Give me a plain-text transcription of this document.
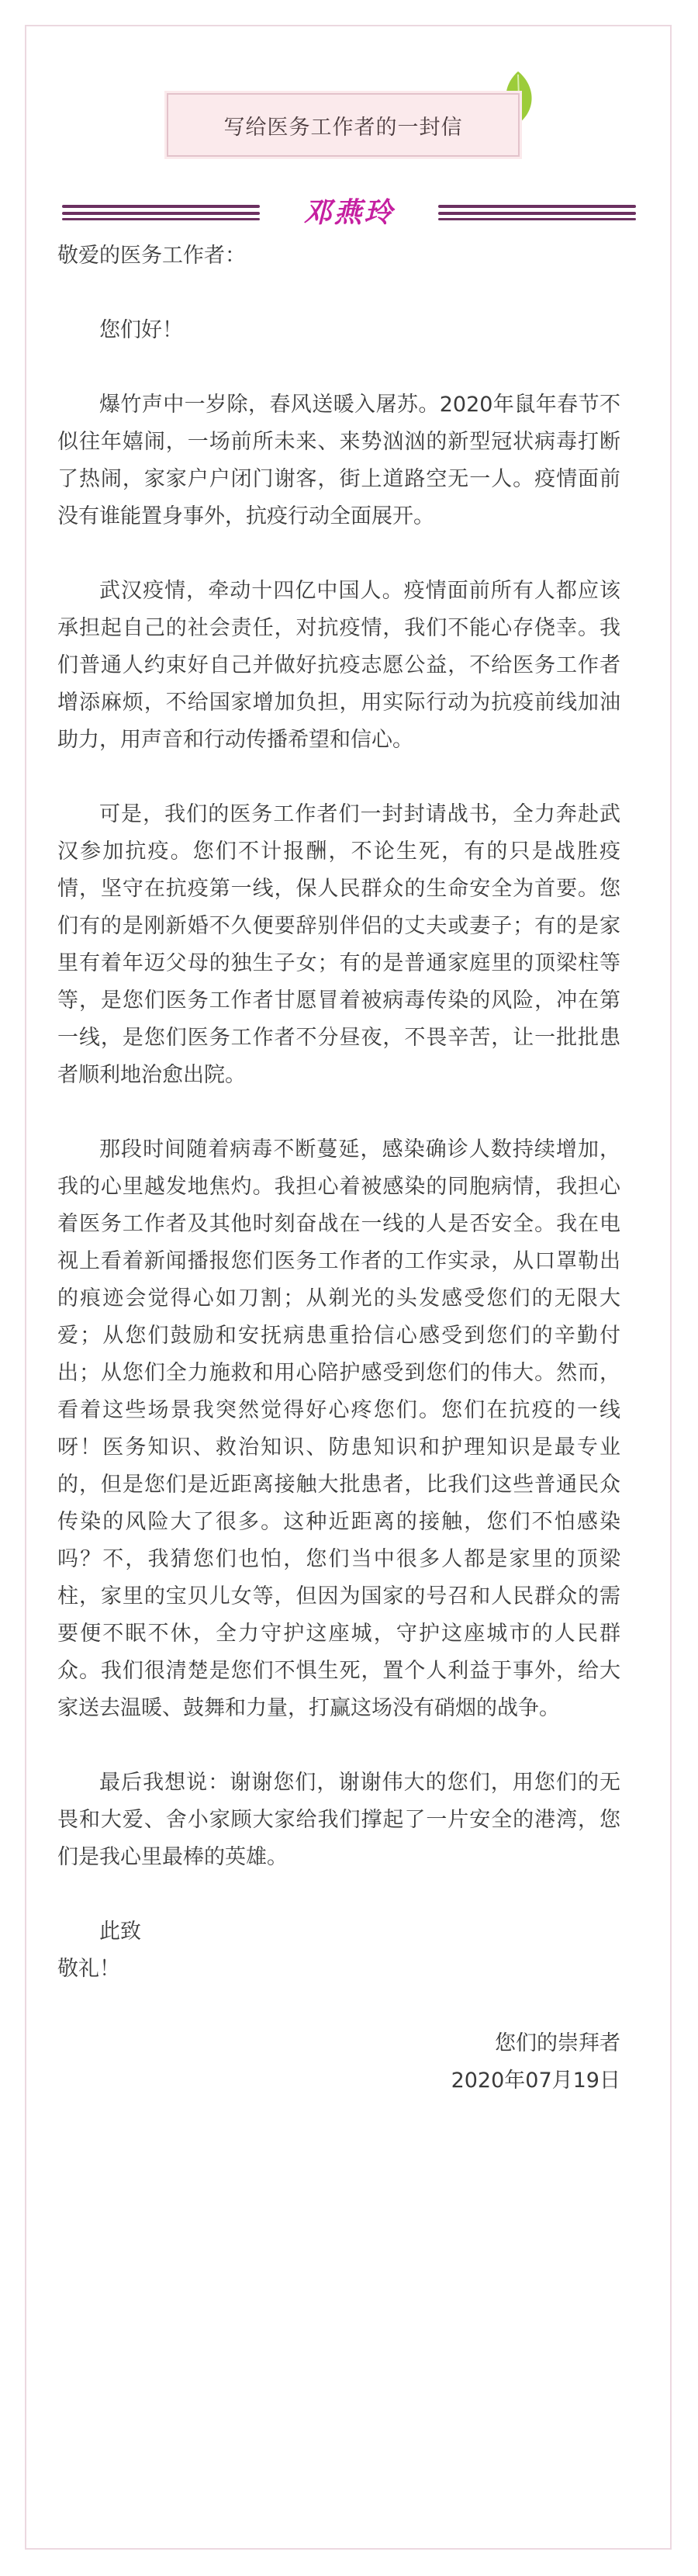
写给医务工作者的一封信
邓燕玲

敬爱的医务工作者：

您们好！

爆竹声中一岁除，春风送暖入屠苏。2020年鼠年春节不似往年嬉闹，一场前所未来、来势汹汹的新型冠状病毒打断了热闹，家家户户闭门谢客，街上道路空无一人。疫情面前没有谁能置身事外，抗疫行动全面展开。

武汉疫情，牵动十四亿中国人。疫情面前所有人都应该承担起自己的社会责任，对抗疫情，我们不能心存侥幸。我们普通人约束好自己并做好抗疫志愿公益，不给医务工作者增添麻烦，不给国家增加负担，用实际行动为抗疫前线加油助力，用声音和行动传播希望和信心。

可是，我们的医务工作者们一封封请战书，全力奔赴武汉参加抗疫。您们不计报酬，不论生死，有的只是战胜疫情，坚守在抗疫第一线，保人民群众的生命安全为首要。您们有的是刚新婚不久便要辞别伴侣的丈夫或妻子；有的是家里有着年迈父母的独生子女；有的是普通家庭里的顶梁柱等等，是您们医务工作者甘愿冒着被病毒传染的风险，冲在第一线，是您们医务工作者不分昼夜，不畏辛苦，让一批批患者顺利地治愈出院。

那段时间随着病毒不断蔓延，感染确诊人数持续增加，我的心里越发地焦灼。我担心着被感染的同胞病情，我担心着医务工作者及其他时刻奋战在一线的人是否安全。我在电视上看着新闻播报您们医务工作者的工作实录，从口罩勒出的痕迹会觉得心如刀割；从剃光的头发感受您们的无限大爱；从您们鼓励和安抚病患重拾信心感受到您们的辛勤付出；从您们全力施救和用心陪护感受到您们的伟大。然而，看着这些场景我突然觉得好心疼您们。您们在抗疫的一线呀！医务知识、救治知识、防患知识和护理知识是最专业的，但是您们是近距离接触大批患者，比我们这些普通民众传染的风险大了很多。这种近距离的接触，您们不怕感染吗？不，我猜您们也怕，您们当中很多人都是家里的顶梁柱，家里的宝贝儿女等，但因为国家的号召和人民群众的需要便不眠不休，全力守护这座城，守护这座城市的人民群众。我们很清楚是您们不惧生死，置个人利益于事外，给大家送去温暖、鼓舞和力量，打赢这场没有硝烟的战争。

最后我想说：谢谢您们，谢谢伟大的您们，用您们的无畏和大爱、舍小家顾大家给我们撑起了一片安全的港湾，您们是我心里最棒的英雄。

此致

敬礼！

您们的崇拜者

2020年07月19日
